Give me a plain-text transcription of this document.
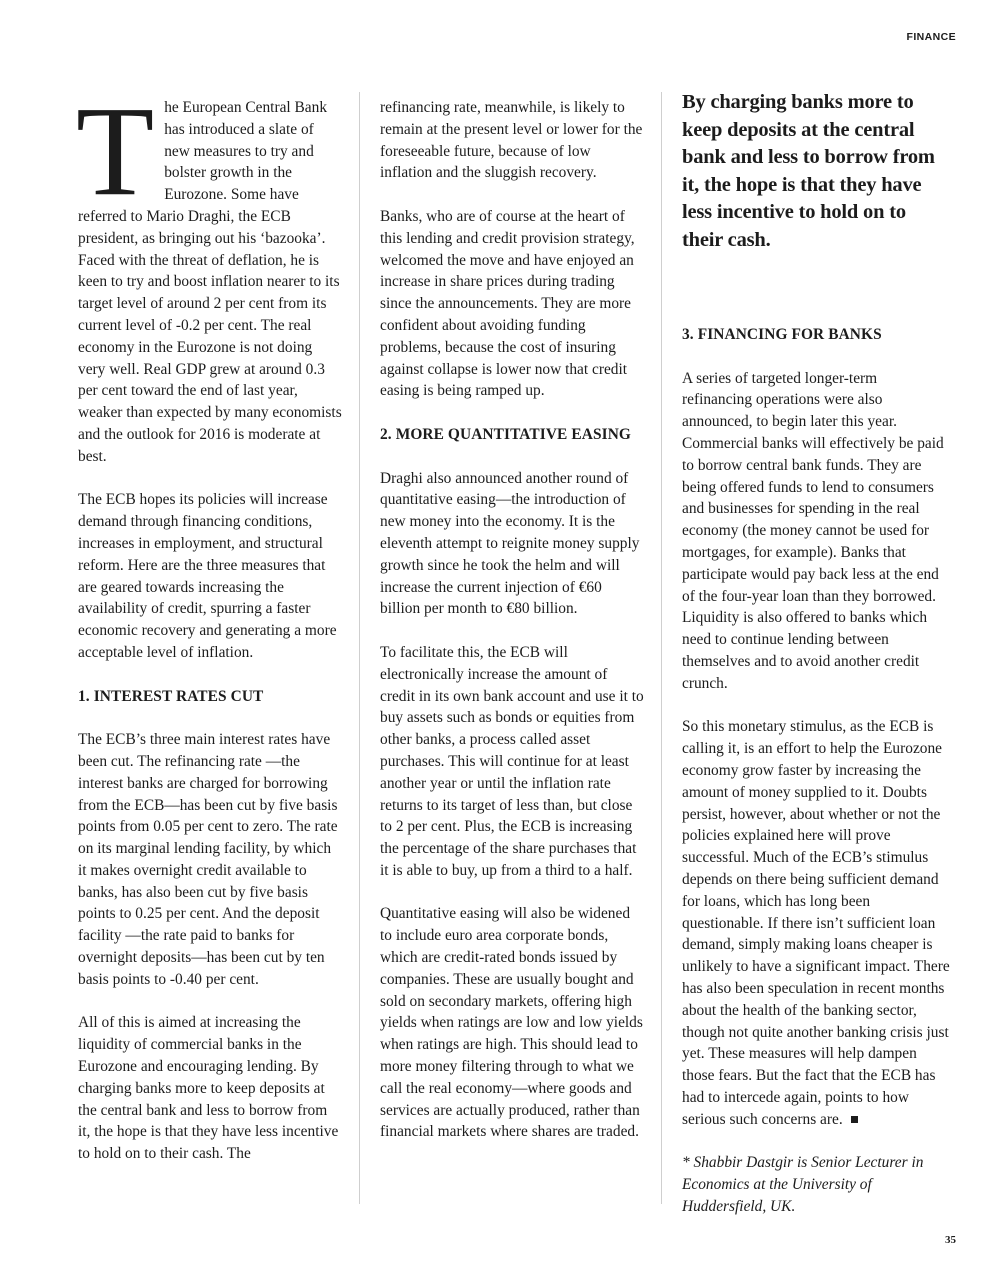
FINANCE

The European Central Bank has introduced a slate of new measures to try and bolster growth in the Eurozone. Some have referred to Mario Draghi, the ECB president, as bringing out his ‘bazooka’. Faced with the threat of deflation, he is keen to try and boost inflation nearer to its target level of around 2 per cent from its current level of -0.2 per cent. The real economy in the Eurozone is not doing very well. Real GDP grew at around 0.3 per cent toward the end of last year, weaker than expected by many economists and the outlook for 2016 is moderate at best.

The ECB hopes its policies will increase demand through financing conditions, increases in employment, and structural reform. Here are the three measures that are geared towards increasing the availability of credit, spurring a faster economic recovery and generating a more acceptable level of inflation.

1. INTEREST RATES CUT

The ECB’s three main interest rates have been cut. The refinancing rate —the interest banks are charged for borrowing from the ECB—has been cut by five basis points from 0.05 per cent to zero. The rate on its marginal lending facility, by which it makes overnight credit available to banks, has also been cut by five basis points to 0.25 per cent. And the deposit facility —the rate paid to banks for overnight deposits—has been cut by ten basis points to -0.40 per cent.

All of this is aimed at increasing the liquidity of commercial banks in the Eurozone and encouraging lending. By charging banks more to keep deposits at the central bank and less to borrow from it, the hope is that they have less incentive to hold on to their cash. The

refinancing rate, meanwhile, is likely to remain at the present level or lower for the foreseeable future, because of low inflation and the sluggish recovery.

Banks, who are of course at the heart of this lending and credit provision strategy, welcomed the move and have enjoyed an increase in share prices during trading since the announcements. They are more confident about avoiding funding problems, because the cost of insuring against collapse is lower now that credit easing is being ramped up.

2. MORE QUANTITATIVE EASING

Draghi also announced another round of quantitative easing—the introduction of new money into the economy. It is the eleventh attempt to reignite money supply growth since he took the helm and will increase the current injection of €60 billion per month to €80 billion.

To facilitate this, the ECB will electronically increase the amount of credit in its own bank account and use it to buy assets such as bonds or equities from other banks, a process called asset purchases. This will continue for at least another year or until the inflation rate returns to its target of less than, but close to 2 per cent. Plus, the ECB is increasing the percentage of the share purchases that it is able to buy, up from a third to a half.

Quantitative easing will also be widened to include euro area corporate bonds, which are credit-rated bonds issued by companies. These are usually bought and sold on secondary markets, offering high yields when ratings are low and low yields when ratings are high. This should lead to more money filtering through to what we call the real economy—where goods and services are actually produced, rather than financial markets where shares are traded.

By charging banks more to keep deposits at the central bank and less to borrow from it, the hope is that they have less incentive to hold on to their cash.
3. FINANCING FOR BANKS

A series of targeted longer-term refinancing operations were also announced, to begin later this year. Commercial banks will effectively be paid to borrow central bank funds. They are being offered funds to lend to consumers and businesses for spending in the real economy (the money cannot be used for mortgages, for example). Banks that participate would pay back less at the end of the four-year loan than they borrowed. Liquidity is also offered to banks which need to continue lending between themselves and to avoid another credit crunch.

So this monetary stimulus, as the ECB is calling it, is an effort to help the Eurozone economy grow faster by increasing the amount of money supplied to it. Doubts persist, however, about whether or not the policies explained here will prove successful. Much of the ECB’s stimulus depends on there being sufficient demand for loans, which has long been questionable. If there isn’t sufficient loan demand, simply making loans cheaper is unlikely to have a significant impact. There has also been speculation in recent months about the health of the banking sector, though not quite another banking crisis just yet. These measures will help dampen those fears. But the fact that the ECB has had to intercede again, points to how serious such concerns are.

* Shabbir Dastgir is Senior Lecturer in Economics at the University of Huddersfield, UK.

35
